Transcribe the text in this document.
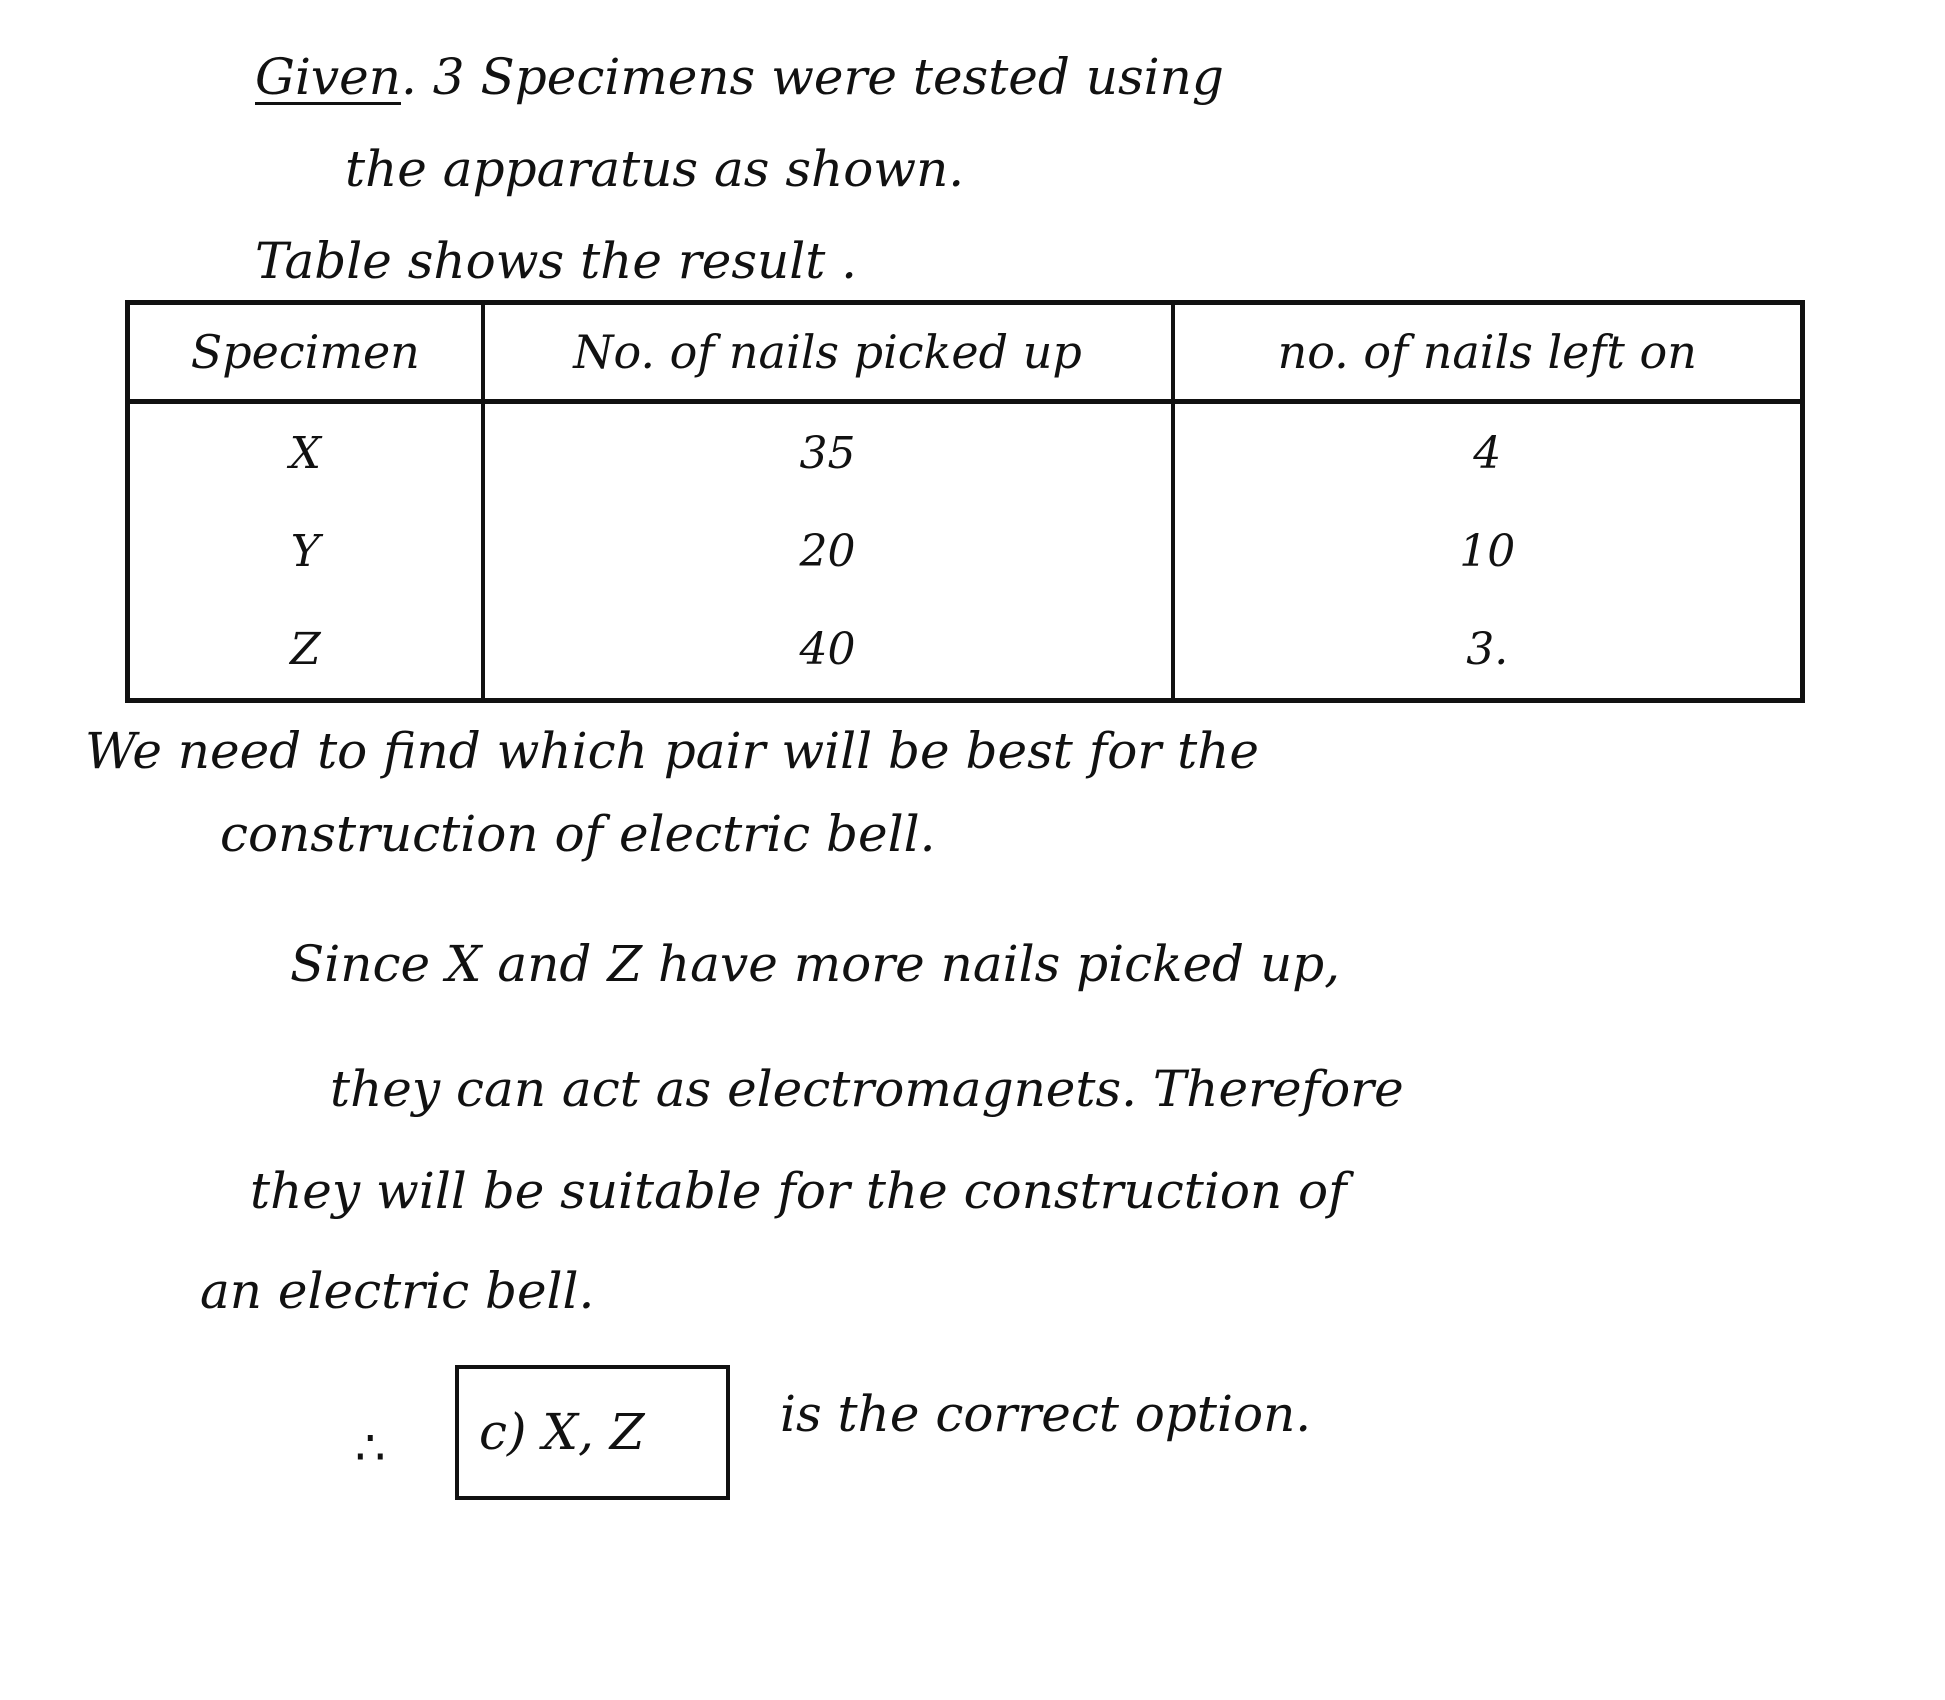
Given. 3 Specimens were tested using
the apparatus as shown.
Table shows the result .
Specimen	No. of nails picked up	no. of nails left on
X	35	4
Y	20	10
Z	40	3.
We need to find which pair will be best for the
construction of electric bell.
Since X and Z have more nails picked up,
they can act as electromagnets. Therefore
they will be suitable for the construction of
an electric bell.
∴	c) X, Z	is the correct option.
